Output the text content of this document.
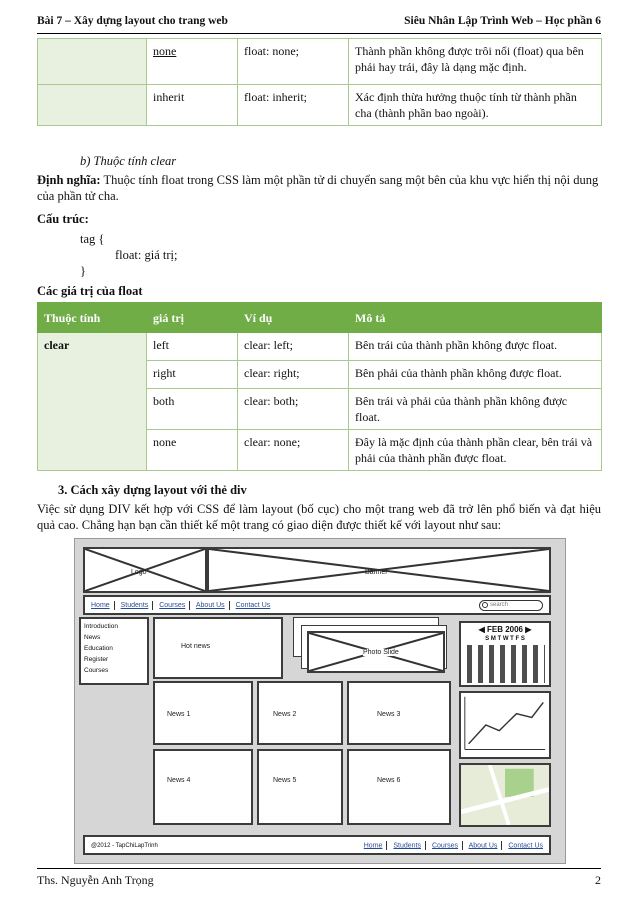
Bài 7 – Xây dựng layout cho trang web	Siêu Nhân Lập Trình Web – Học phần 6
	none	float: none;	Thành phần không được trôi nổi (float) qua bên phải hay trái, đây là dạng mặc định.
	inherit	float: inherit;	Xác định thừa hưởng thuộc tính từ thành phần cha (thành phần bao ngoài).
b) Thuộc tính clear
Định nghĩa: Thuộc tính float trong CSS làm một phần tử di chuyển sang một bên của khu vực hiển thị nội dung của phần tử cha.
Cấu trúc:
tag {
float: giá trị;
}
Các giá trị của float
Thuộc tính	giá trị	Ví dụ	Mô tả
clear	left	clear: left;	Bên trái của thành phần không được float.
	right	clear: right;	Bên phải của thành phần không được float.
	both	clear: both;	Bên trái và phải của thành phần không được float.
	none	clear: none;	Đây là mặc định của thành phần clear, bên trái và phải của thành phần được float.
3. Cách xây dựng layout với thẻ div
Việc sử dụng DIV kết hợp với CSS để làm layout (bố cục) cho một trang web đã trở lên phổ biến và đạt hiệu quả cao. Chẳng hạn bạn cần thiết kế một trang có giao diện được thiết kế với layout như sau:
Logo	Banner
Home Students Courses About Us Contact Us	search
Introduction
News
Education
Register
Courses
Hot news
Photo Slide
◀ FEB 2006 ▶
S M T W T F S
News 1	News 2	News 3
News 4	News 5	News 6
@2012 - TapChiLapTrinh	Home Students Courses About Us Contact Us
Ths. Nguyễn Anh Trọng	2
